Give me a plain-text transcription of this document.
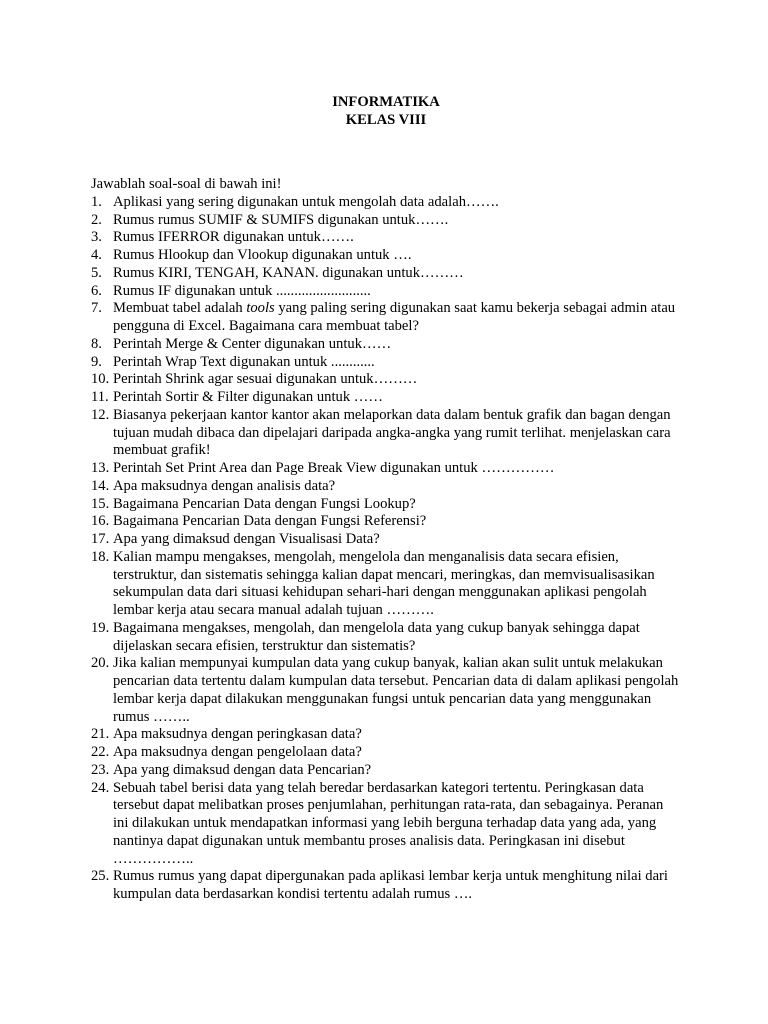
INFORMATIKA
KELAS VIII
Jawablah soal-soal di bawah ini!
1. Aplikasi yang sering digunakan untuk mengolah data adalah…….
2. Rumus rumus SUMIF & SUMIFS digunakan untuk…….
3. Rumus IFERROR digunakan untuk…….
4. Rumus Hlookup dan Vlookup digunakan untuk ….
5. Rumus KIRI, TENGAH, KANAN. digunakan untuk………
6. Rumus IF digunakan untuk ..........................
7. Membuat tabel adalah tools yang paling sering digunakan saat kamu bekerja sebagai admin atau pengguna di Excel. Bagaimana cara membuat tabel?
8. Perintah Merge & Center digunakan untuk……
9. Perintah Wrap Text digunakan untuk ............
10. Perintah Shrink agar sesuai digunakan untuk………
11. Perintah Sortir & Filter digunakan untuk ……
12. Biasanya pekerjaan kantor kantor akan melaporkan data dalam bentuk grafik dan bagan dengan tujuan mudah dibaca dan dipelajari daripada angka-angka yang rumit terlihat. menjelaskan cara membuat grafik!
13. Perintah Set Print Area dan Page Break View digunakan untuk ……………
14. Apa maksudnya dengan analisis data?
15. Bagaimana Pencarian Data dengan Fungsi Lookup?
16. Bagaimana Pencarian Data dengan Fungsi Referensi?
17. Apa yang dimaksud dengan Visualisasi Data?
18. Kalian mampu mengakses, mengolah, mengelola dan menganalisis data secara efisien, terstruktur, dan sistematis sehingga kalian dapat mencari, meringkas, dan memvisualisasikan sekumpulan data dari situasi kehidupan sehari-hari dengan menggunakan aplikasi pengolah lembar kerja atau secara manual adalah tujuan ……….
19. Bagaimana mengakses, mengolah, dan mengelola data yang cukup banyak sehingga dapat dijelaskan secara efisien, terstruktur dan sistematis?
20. Jika kalian mempunyai kumpulan data yang cukup banyak, kalian akan sulit untuk melakukan pencarian data tertentu dalam kumpulan data tersebut. Pencarian data di dalam aplikasi pengolah lembar kerja dapat dilakukan menggunakan fungsi untuk pencarian data yang menggunakan rumus ……..
21. Apa maksudnya dengan peringkasan data?
22. Apa maksudnya dengan pengelolaan data?
23. Apa yang dimaksud dengan data Pencarian?
24. Sebuah tabel berisi data yang telah beredar berdasarkan kategori tertentu. Peringkasan data tersebut dapat melibatkan proses penjumlahan, perhitungan rata-rata, dan sebagainya. Peranan ini dilakukan untuk mendapatkan informasi yang lebih berguna terhadap data yang ada, yang nantinya dapat digunakan untuk membantu proses analisis data. Peringkasan ini disebut ……………..
25. Rumus rumus yang dapat dipergunakan pada aplikasi lembar kerja untuk menghitung nilai dari kumpulan data berdasarkan kondisi tertentu adalah rumus ….
